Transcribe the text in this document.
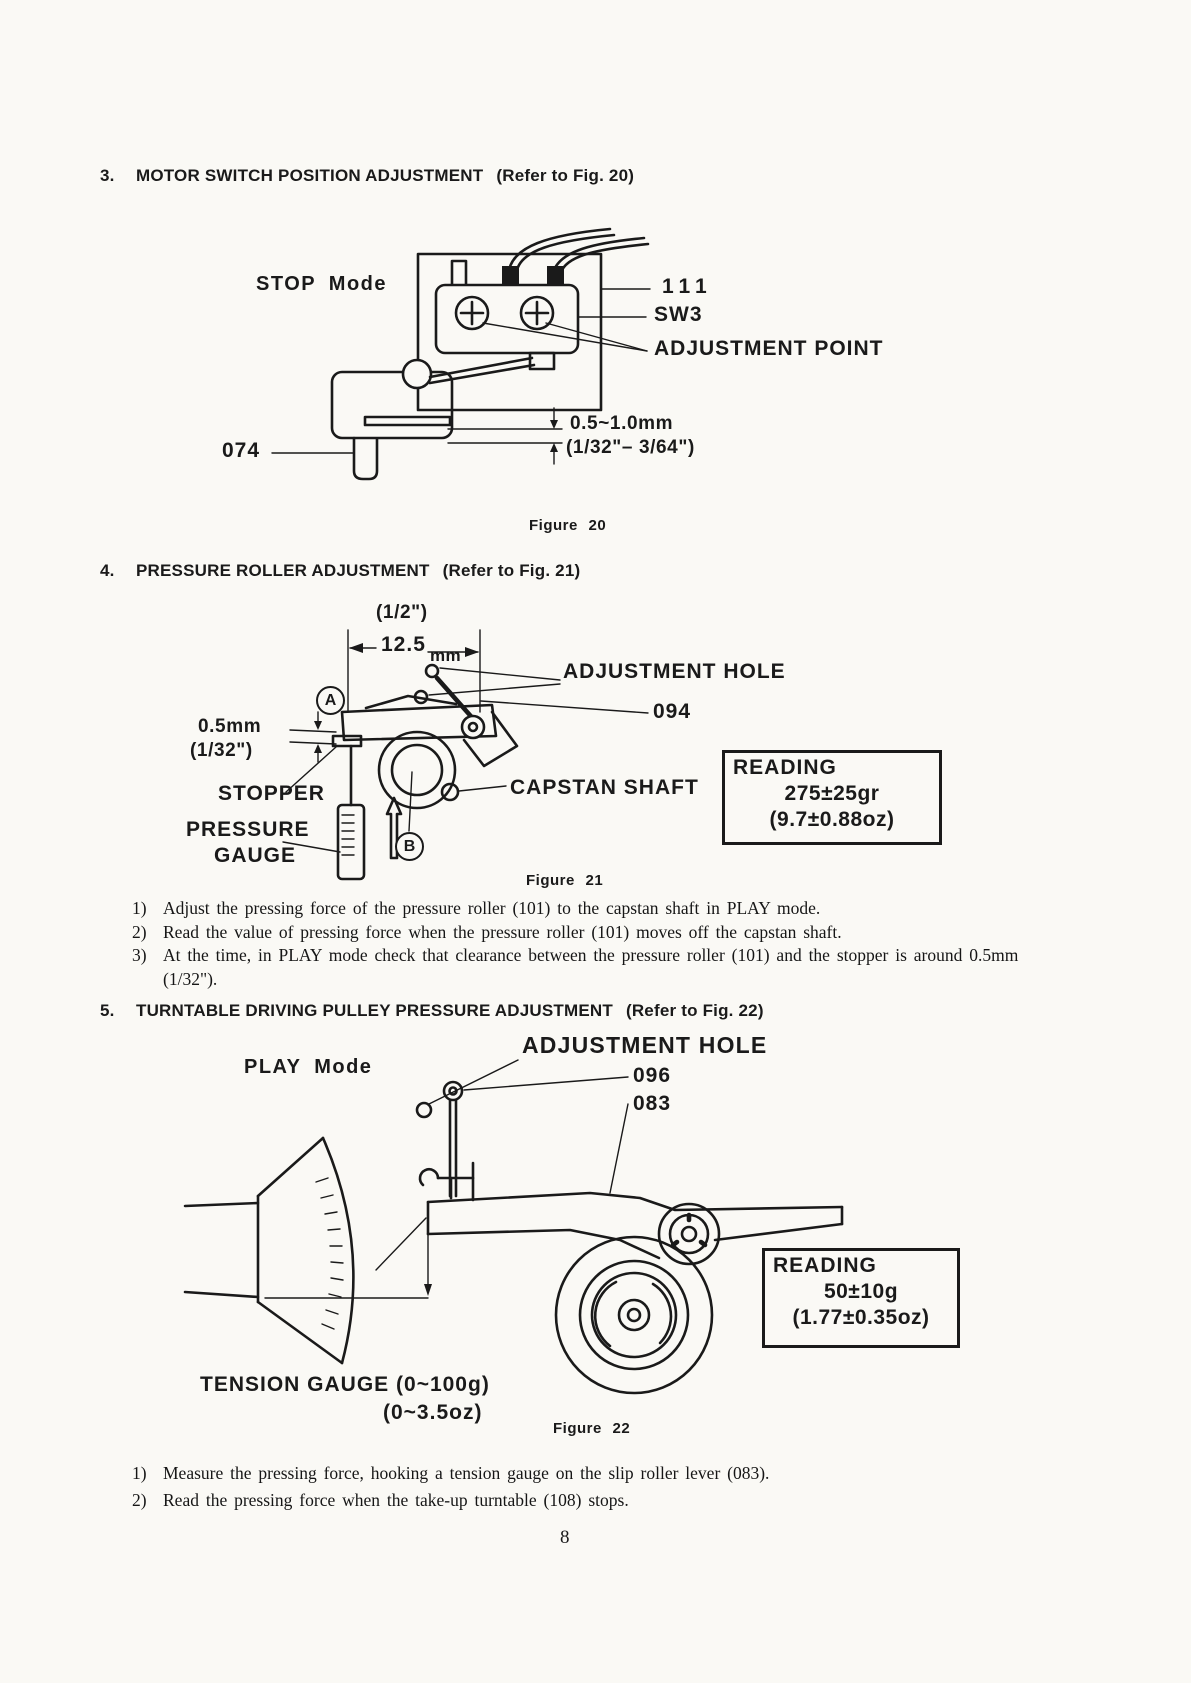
3.	MOTOR SWITCH POSITION ADJUSTMENT (Refer to Fig. 20)
STOP Mode	111
SW3
ADJUSTMENT POINT
0.5~1.0mm
(1/32"– 3/64")
074
Figure 20
4.	PRESSURE ROLLER ADJUSTMENT (Refer to Fig. 21)
(1/2")
12.5 mm
ADJUSTMENT HOLE
094
A
0.5mm
(1/32")
STOPPER	CAPSTAN SHAFT
PRESSURE
GAUGE	B
READING
275±25gr
(9.7±0.88oz)
Figure 21
1) Adjust the pressing force of the pressure roller (101) to the capstan shaft in PLAY mode.
2) Read the value of pressing force when the pressure roller (101) moves off the capstan shaft.
3) At the time, in PLAY mode check that clearance between the pressure roller (101) and the stopper is around 0.5mm (1/32").
5.	TURNTABLE DRIVING PULLEY PRESSURE ADJUSTMENT (Refer to Fig. 22)
ADJUSTMENT HOLE
PLAY Mode	096
083
READING
50±10g
(1.77±0.35oz)
TENSION GAUGE (0~100g)
(0~3.5oz)
Figure 22
1) Measure the pressing force, hooking a tension gauge on the slip roller lever (083).
2) Read the pressing force when the take-up turntable (108) stops.
8
